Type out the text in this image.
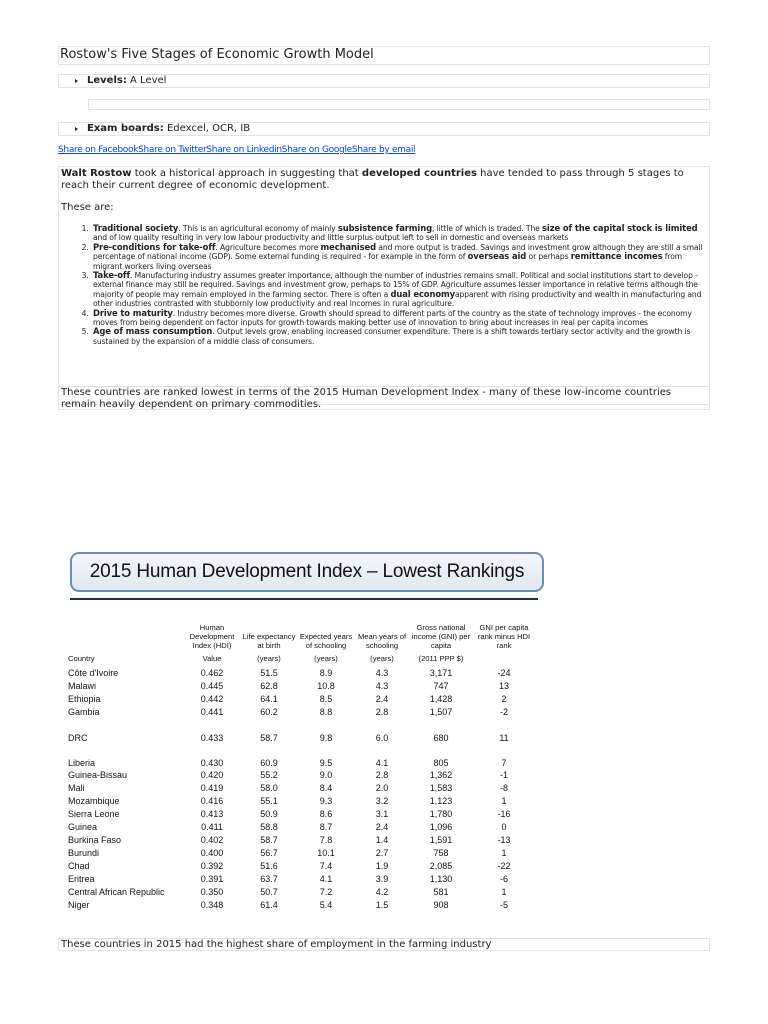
Rostow's Five Stages of Economic Growth Model
Levels: A Level
Exam boards: Edexcel, OCR, IB
Share on FacebookShare on TwitterShare on LinkedinShare on GoogleShare by email

Walt Rostow took a historical approach in suggesting that developed countries have tended to pass through 5 stages to reach their current degree of economic development.

These are:

1. Traditional society. This is an agricultural economy of mainly subsistence farming, little of which is traded. The size of the capital stock is limited and of low quality resulting in very low labour productivity and little surplus output left to sell in domestic and overseas markets
2. Pre-conditions for take-off. Agriculture becomes more mechanised and more output is traded. Savings and investment grow although they are still a small percentage of national income (GDP). Some external funding is required - for example in the form of overseas aid or perhaps remittance incomes from migrant workers living overseas
3. Take-off. Manufacturing industry assumes greater importance, although the number of industries remains small. Political and social institutions start to develop - external finance may still be required. Savings and investment grow, perhaps to 15% of GDP. Agriculture assumes lesser importance in relative terms although the majority of people may remain employed in the farming sector. There is often a dual economyapparent with rising productivity and wealth in manufacturing and other industries contrasted with stubbornly low productivity and real incomes in rural agriculture.
4. Drive to maturity. Industry becomes more diverse. Growth should spread to different parts of the country as the state of technology improves - the economy moves from being dependent on factor inputs for growth towards making better use of innovation to bring about increases in real per capita incomes
5. Age of mass consumption. Output levels grow, enabling increased consumer expenditure. There is a shift towards tertiary sector activity and the growth is sustained by the expansion of a middle class of consumers.
These countries are ranked lowest in terms of the 2015 Human Development Index - many of these low-income countries remain heavily dependent on primary commodities.
2015 Human Development Index – Lowest Rankings
	Human Development Index (HDI)	Life expectancy at birth	Expected years of schooling	Mean years of schooling	Gross national income (GNI) per capita	GNI per capita rank minus HDI rank
Country	Value	(years)	(years)	(years)	(2011 PPP $)	
Côte d'Ivoire	0.462	51.5	8.9	4.3	3,171	-24
Malawi	0.445	62.8	10.8	4.3	747	13
Ethiopia	0.442	64.1	8.5	2.4	1,428	2
Gambia	0.441	60.2	8.8	2.8	1,507	-2
DRC	0.433	58.7	9.8	6.0	680	11
Liberia	0.430	60.9	9.5	4.1	805	7
Guinea-Bissau	0.420	55.2	9.0	2.8	1,362	-1
Mali	0.419	58.0	8.4	2.0	1,583	-8
Mozambique	0.416	55.1	9.3	3.2	1,123	1
Sierra Leone	0.413	50.9	8.6	3.1	1,780	-16
Guinea	0.411	58.8	8.7	2.4	1,096	0
Burkina Faso	0.402	58.7	7.8	1.4	1,591	-13
Burundi	0.400	56.7	10.1	2.7	758	1
Chad	0.392	51.6	7.4	1.9	2,085	-22
Eritrea	0.391	63.7	4.1	3.9	1,130	-6
Central African Republic	0.350	50.7	7.2	4.2	581	1
Niger	0.348	61.4	5.4	1.5	908	-5
These countries in 2015 had the highest share of employment in the farming industry
